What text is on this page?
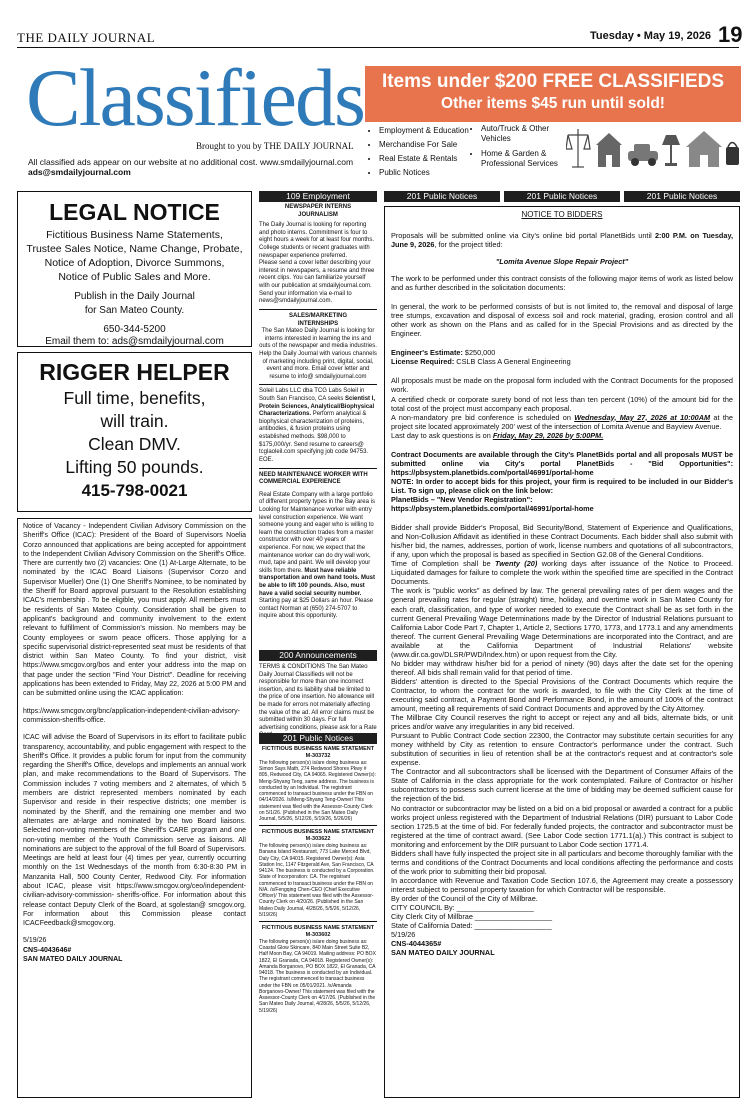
THE DAILY JOURNAL	Tuesday • May 19, 2026 19
Classifieds
Brought to you by THE DAILY JOURNAL
All classified ads appear on our website at no additional cost. www.smdailyjournal.com
ads@smdailyjournal.com
Items under $200 FREE CLASSIFIEDS
Other items $45 run until sold!
• Employment & Education
• Merchandise For Sale
• Real Estate & Rentals
• Public Notices
• Auto/Truck & Other Vehicles
• Home & Garden & Professional Services
LEGAL NOTICE
Fictitious Business Name Statements,
Trustee Sales Notice, Name Change, Probate,
Notice of Adoption, Divorce Summons,
Notice of Public Sales and More.
Publish in the Daily Journal
for San Mateo County.
650-344-5200
Email them to: ads@smdailyjournal.com
RIGGER HELPER
Full time, benefits,
will train.
Clean DMV.
Lifting 50 pounds.
415-798-0021

Notice of Vacancy - Independent Civilian Advisory Commission on the Sheriff's Office (ICAC): President of the Board of Supervisors Noelia Corzo announced that applications are being accepted for appointment to the Independent Civilian Advisory Commission on the Sheriff's Office. There are currently two (2) vacancies: One (1) At-Large Alternate, to be nominated by the ICAC Board Liaisons (Supervisor Corzo and Supervisor Mueller) One (1) One Sheriff's Nominee, to be nominated by the Sheriff for Board approval pursuant to the Resolution establishing ICAC's membership . To be eligible, you must apply. All members must be residents of San Mateo County. Consideration shall be given to applicant's background and community involvement to the extent relevant to fulfillment of Commission's mission. No members may be County employees or sworn peace officers. Those applying for a specific supervisorial district-represented seat must be residents of that district within San Mateo County. To find your district, visit https://www.smcgov.org/bos and enter your address into the map on that page under the section "Find Your District". Deadline for receiving applications has been extended to Friday, May 22, 2026 at 5:00 PM and can be submitted online using the ICAC application:

https://www.smcgov.org/bnc/application-independent-civilian-advisory-commission-sheriffs-office.

ICAC will advise the Board of Supervisors in its effort to facilitate public transparency, accountability, and public engagement with respect to the Sheriff's Office. It provides a public forum for input from the community regarding the Sheriff's Office, develops and implements an annual work plan, and make recommendations to the Board of Supervisors. The Commission includes 7 voting members and 2 alternates, of which 5 members are district represented members nominated by each Supervisor and reside in their respective districts; one member is nominated by the Sheriff, and the remaining one member and two alternates are at-large and nominated by the two Board liaisons. Selected non-voting members of the Sheriff's CARE program and one non-voting member of the Youth Commission serve as liaisons. All nominations are subject to the approval of the full Board of Supervisors. Meetings are held at least four (4) times per year, currently occurring monthly on the 1st Wednesdays of the month from 6:30-8:30 PM in Manzanita Hall, 500 County Center, Redwood City. For information about ICAC, please visit https://www.smcgov.org/ceo/independent-civilian-advisory-commission- sheriffs-office. For information about this release contact Deputy Clerk of the Board, at sgolestan@ smcgov.org. For information about this Commission please contact ICACFeedback@smcgov.org.

5/19/26

CNS-4043646#

SAN MATEO DAILY JOURNAL

109 Employment
NEWSPAPER INTERNS JOURNALISM

The Daily Journal is looking for reporting and photo interns. Commitment is four to eight hours a week for at least four months. College students or recent graduates with newspaper experience preferred.

Please send a cover letter describing your interest in newspapers, a resume and three recent clips. You can familiarize yourself with our publication at smdailyjournal.com.

Send your information via e-mail to news@smdailyjournal.com.

SALES/MARKETING INTERNSHIPS

The San Mateo Daily Journal is looking for interns interested in learning the ins and outs of the newspaper and media industries. Help the Daily Journal with various channels of marketing including print, digital, social, event and more. Email cover letter and resume to info@ smdailyjournal.com

Soleil Labs LLC dba TCG Labs Soleil in South San Francisco, CA seeks Scientist I, Protein Sciences, Analytical/Biophysical Characterizations. Perform analytical & biophysical characterization of proteins, antibodies, & fusion proteins using established methods. $98,000 to $175,000/yr. Send resume to careers@ tcglaoleil.com specifying job code 94753. EOE.

NEED MAINTENANCE WORKER WITH COMMERCIAL EXPERIENCE

Real Estate Company with a large portfolio of different property types in the Bay area is Looking for Maintenance worker with entry level construction experience. We want someone young and eager who is willing to learn the construction trades from a master constructor with over 40 years of experience. For now, we expect that the maintenance worker can do dry wall work, mud, tape and paint. We will develop your skills from there. Must have reliable transportation and own hand tools. Must be able to lift 100 pounds. Also, must have a valid social security number. Starting pay at $25 Dollars an hour. Please contact Norman at (650) 274-5707 to inquire about this opportunity.

200 Announcements

TERMS & CONDITIONS The San Mateo Daily Journal Classifieds will not be responsible for more than one incorrect insertion, and its liability shall be limited to the price of one insertion. No allowance will be made for errors not materially affecting the value of the ad. All error claims must be submitted within 30 days. For full advertising conditions, please ask for a Rate

201 Public Notices
FICTITIOUS BUSINESS NAME STATEMENT M-303732

The following person(s) is/are doing business as: Simon Says Math, 274 Redwood Shores Pkwy # 805, Redwood City, CA 94065. Registered Owner(s): Meng-Shyang Teng, same address. The business is conducted by an Individual. The registrant commenced to transact business under the FBN on 04/14/2026. /s/Meng-Shyang Teng-Owner/ This statement was filed with the Assessor-County Clerk on 5/1/26. (Published in the San Mateo Daily Journal, 5/5/26, 5/12/26, 5/19/26, 5/26/26)

FICTITIOUS BUSINESS NAME STATEMENT M-303622

The following person(s) is/are doing business as: Banana Island Restaurant, 773 Lake Merced Blvd, Daly City, CA 94015. Registered Owner(s): Asia Station Inc, 1147 Fitzgerald Ave, San Francisco, CA 94124. The business is conducted by a Corporation. State of Incorporation: CA. The registrant commenced to transact business under the FBN on N/A. /s/Fengqing Chen-CEO (Chief Executive Officer)/ This statement was filed with the Assessor-County Clerk on 4/20/26. (Published in the San Mateo Daily Journal, 4/28/26, 5/5/26, 5/12/26, 5/19/26)

FICTITIOUS BUSINESS NAME STATEMENT M-303602

The following person(s) is/are doing business as: Coastal Glow Skincare, 840 Main Street Suite B2, Half Moon Bay, CA 94019. Mailing address: PO BOX 1822, El Granada, CA 94018. Registered Owner(s): Amanda Borganovo, PO BOX 1822, El Granada, CA 94018. The business is conducted by an Individual. The registrant commenced to transact business under the FBN on 05/01/2021. /s/Amanda Borganovo-Owner/ This statement was filed with the Assessor-County Clerk on 4/17/26. (Published in the San Mateo Daily Journal, 4/28/26, 5/5/26, 5/12/26, 5/19/26)

201 Public Notices	201 Public Notices	201 Public Notices
NOTICE TO BIDDERS

Proposals will be submitted online via City's online bid portal PlanetBids until 2:00 P.M. on Tuesday, June 9, 2026, for the project titled:

"Lomita Avenue Slope Repair Project"

The work to be performed under this contract consists of the following major items of work as listed below and as further described in the solicitation documents:

In general, the work to be performed consists of but is not limited to, the removal and disposal of large tree stumps, excavation and disposal of excess soil and rock material, grading, erosion control and all other work as shown on the Plans and as called for in the Special Provisions and as directed by the Engineer.

Engineer's Estimate: $250,000

License Required: CSLB Class A General Engineering

All proposals must be made on the proposal form included with the Contract Documents for the proposed work.

A certified check or corporate surety bond of not less than ten percent (10%) of the amount bid for the total cost of the project must accompany each proposal.

A non-mandatory pre bid conference is scheduled on Wednesday, May 27, 2026 at 10:00AM at the project site located approximately 200' west of the intersection of Lomita Avenue and Bayview Avenue.

Last day to ask questions is on Friday, May 29, 2026 by 5:00PM.

Contract Documents are available through the City's PlanetBids portal and all proposals MUST be submitted online via City's portal PlanetBids - "Bid Opportunities": https://pbsystem.planetbids.com/portal/46991/portal-home

NOTE: In order to accept bids for this project, your firm is required to be included in our Bidder's List. To sign up, please click on the link below:

PlanetBids – "New Vendor Registration":

https://pbsystem.planetbids.com/portal/46991/portal-home

Bidder shall provide Bidder's Proposal, Bid Security/Bond, Statement of Experience and Qualifications, and Non-Collusion Affidavit as identified in these Contract Documents. Each bidder shall also submit with his/her bid, the names, addresses, portion of work, license numbers and quotations of all subcontractors, if any, upon which the proposal is based as specified in Section G2.08 of the General Conditions.

Time of Completion shall be Twenty (20) working days after issuance of the Notice to Proceed. Liquidated damages for failure to complete the work within the specified time are specified in the Contract Documents.

The work is "public works" as defined by law. The general prevailing rates of per diem wages and the general prevailing rates for regular (straight) time, holiday, and overtime work in San Mateo County for each craft, classification, and type of worker needed to execute the Contract shall be as set forth in the current General Prevailing Wage Determinations made by the Director of Industrial Relations pursuant to California Labor Code Part 7, Chapter 1, Article 2, Sections 1770, 1773, and 1773.1 and any amendments thereof. The current General Prevailing Wage Determinations are incorporated into the Contract, and are available at the California Department of Industrial Relations' website (www.dir.ca.gov/DLSR/PWD/Index.htm) or upon request from the City.

No bidder may withdraw his/her bid for a period of ninety (90) days after the date set for the opening thereof. All bids shall remain valid for that period of time.

Bidders' attention is directed to the Special Provisions of the Contract Documents which require the Contractor, to whom the contract for the work is awarded, to file with the City Clerk at the time of executing said contract, a Payment Bond and Performance Bond, in the amount of 100% of the contract amount, meeting all requirements of said Contract Documents and approved by the City Attorney.

The Millbrae City Council reserves the right to accept or reject any and all bids, alternate bids, or unit prices and/or waive any irregularities in any bid received.

Pursuant to Public Contract Code section 22300, the Contractor may substitute certain securities for any money withheld by City as retention to ensure Contractor's performance under the contract. Such substitution of securities in lieu of retention shall be at the contractor's request and at contractor's sole expense.

The Contractor and all subcontractors shall be licensed with the Department of Consumer Affairs of the State of California in the class appropriate for the work contemplated. Failure of Contractor or his/her subcontractors to possess such current license at the time of bidding may be deemed sufficient cause for the rejection of the bid.

No contractor or subcontractor may be listed on a bid on a bid proposal or awarded a contract for a public works project unless registered with the Department of Industrial Relations (DIR) pursuant to Labor Code section 1725.5 at the time of bid. For federally funded projects, the contractor and subcontractor must be registered at the time of contract award. (See Labor Code section 1771.1(a).) This contract is subject to monitoring and enforcement by the DIR pursuant to Labor Code section 1771.4.

Bidders shall have fully inspected the project site in all particulars and become thoroughly familiar with the terms and conditions of the Contract Documents and local conditions affecting the performance and costs of the work prior to submitting their bid proposal.

In accordance with Revenue and Taxation Code Section 107.6, the Agreement may create a possessory interest subject to personal property taxation for which Contractor will be responsible.

By order of the Council of the City of Millbrae.

CITY COUNCIL By: ___________________

City Clerk City of Millbrae ___________________

State of California Dated: ___________________

5/19/26

CNS-4044365#

SAN MATEO DAILY JOURNAL
